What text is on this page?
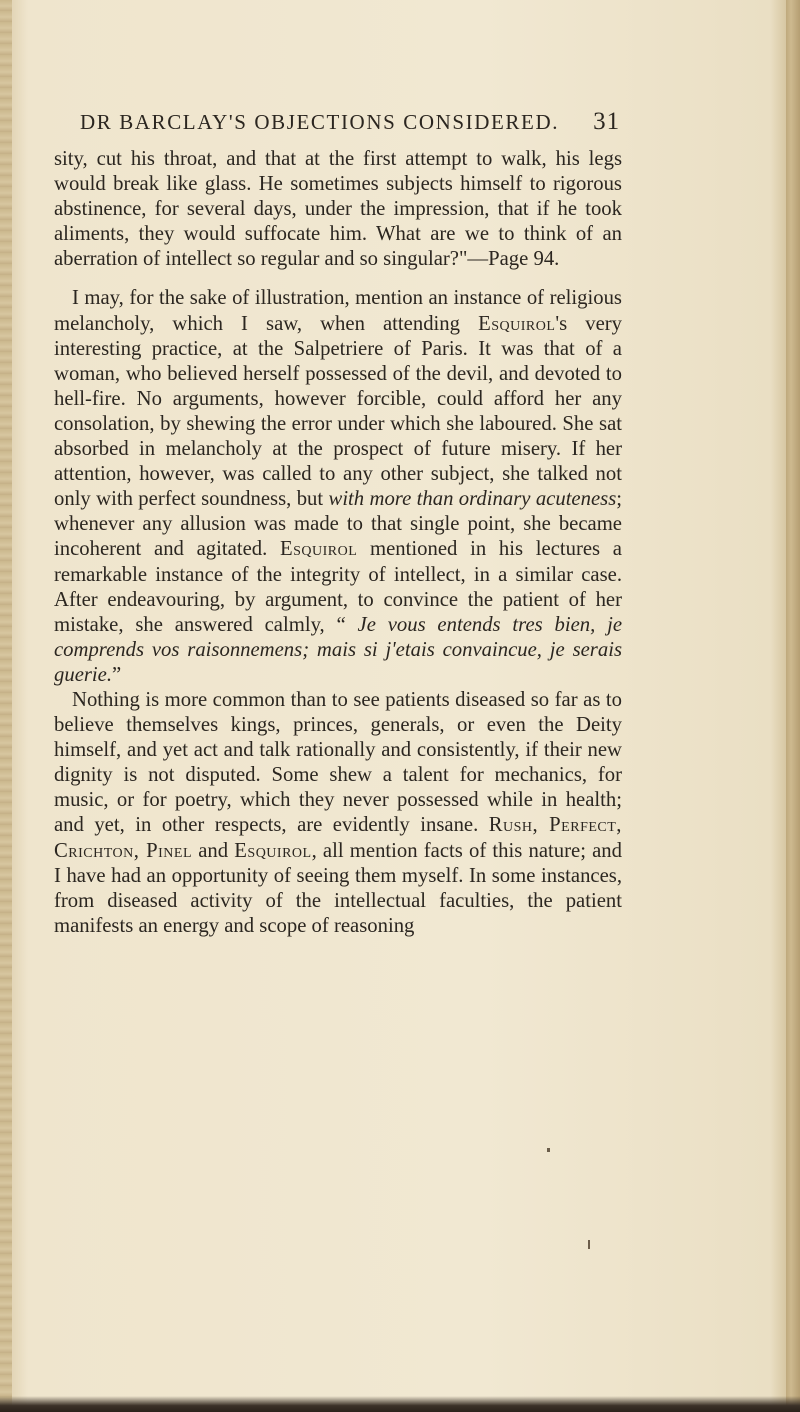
DR BARCLAY'S OBJECTIONS CONSIDERED. 31

sity, cut his throat, and that at the first attempt to walk, his legs would break like glass. He sometimes subjects himself to rigorous abstinence, for several days, under the impression, that if he took aliments, they would suffocate him. What are we to think of an aberration of intellect so regular and so singular?"—Page 94.

I may, for the sake of illustration, mention an instance of religious melancholy, which I saw, when attending Esquirol's very interesting practice, at the Salpetriere of Paris. It was that of a woman, who believed herself possessed of the devil, and devoted to hell-fire. No arguments, however forcible, could afford her any consolation, by shewing the error under which she laboured. She sat absorbed in melancholy at the prospect of future misery. If her attention, however, was called to any other subject, she talked not only with perfect soundness, but with more than ordinary acuteness; whenever any allusion was made to that single point, she became incoherent and agitated. Esquirol mentioned in his lectures a remarkable instance of the integrity of intellect, in a similar case. After endeavouring, by argument, to convince the patient of her mistake, she answered calmly, “ Je vous entends tres bien, je comprends vos raisonnemens; mais si j'etais convaincue, je serais guerie.”

Nothing is more common than to see patients diseased so far as to believe themselves kings, princes, generals, or even the Deity himself, and yet act and talk rationally and consistently, if their new dignity is not disputed. Some shew a talent for mechanics, for music, or for poetry, which they never possessed while in health; and yet, in other respects, are evidently insane. Rush, Perfect, Crichton, Pinel and Esquirol, all mention facts of this nature; and I have had an opportunity of seeing them myself. In some instances, from diseased activity of the intellectual faculties, the patient manifests an energy and scope of reasoning
